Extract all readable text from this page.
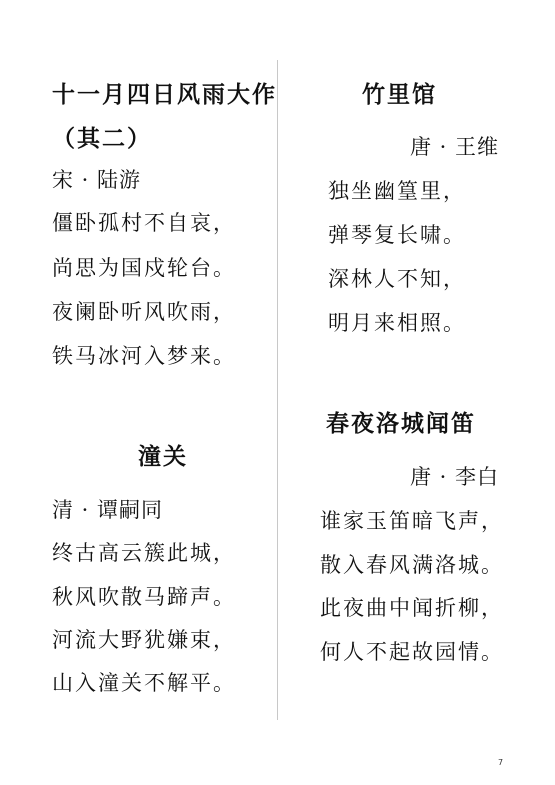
十一月四日风雨大作
（其二）
宋 · 陆游
僵卧孤村不自哀，
尚思为国戍轮台。
夜阑卧听风吹雨，
铁马冰河入梦来。
潼关
清 · 谭嗣同
终古高云簇此城，
秋风吹散马蹄声。
河流大野犹嫌束，
山入潼关不解平。
竹里馆
唐 · 王维
独坐幽篁里，
弹琴复长啸。
深林人不知，
明月来相照。
春夜洛城闻笛
唐 · 李白
谁家玉笛暗飞声，
散入春风满洛城。
此夜曲中闻折柳，
何人不起故园情。
7
